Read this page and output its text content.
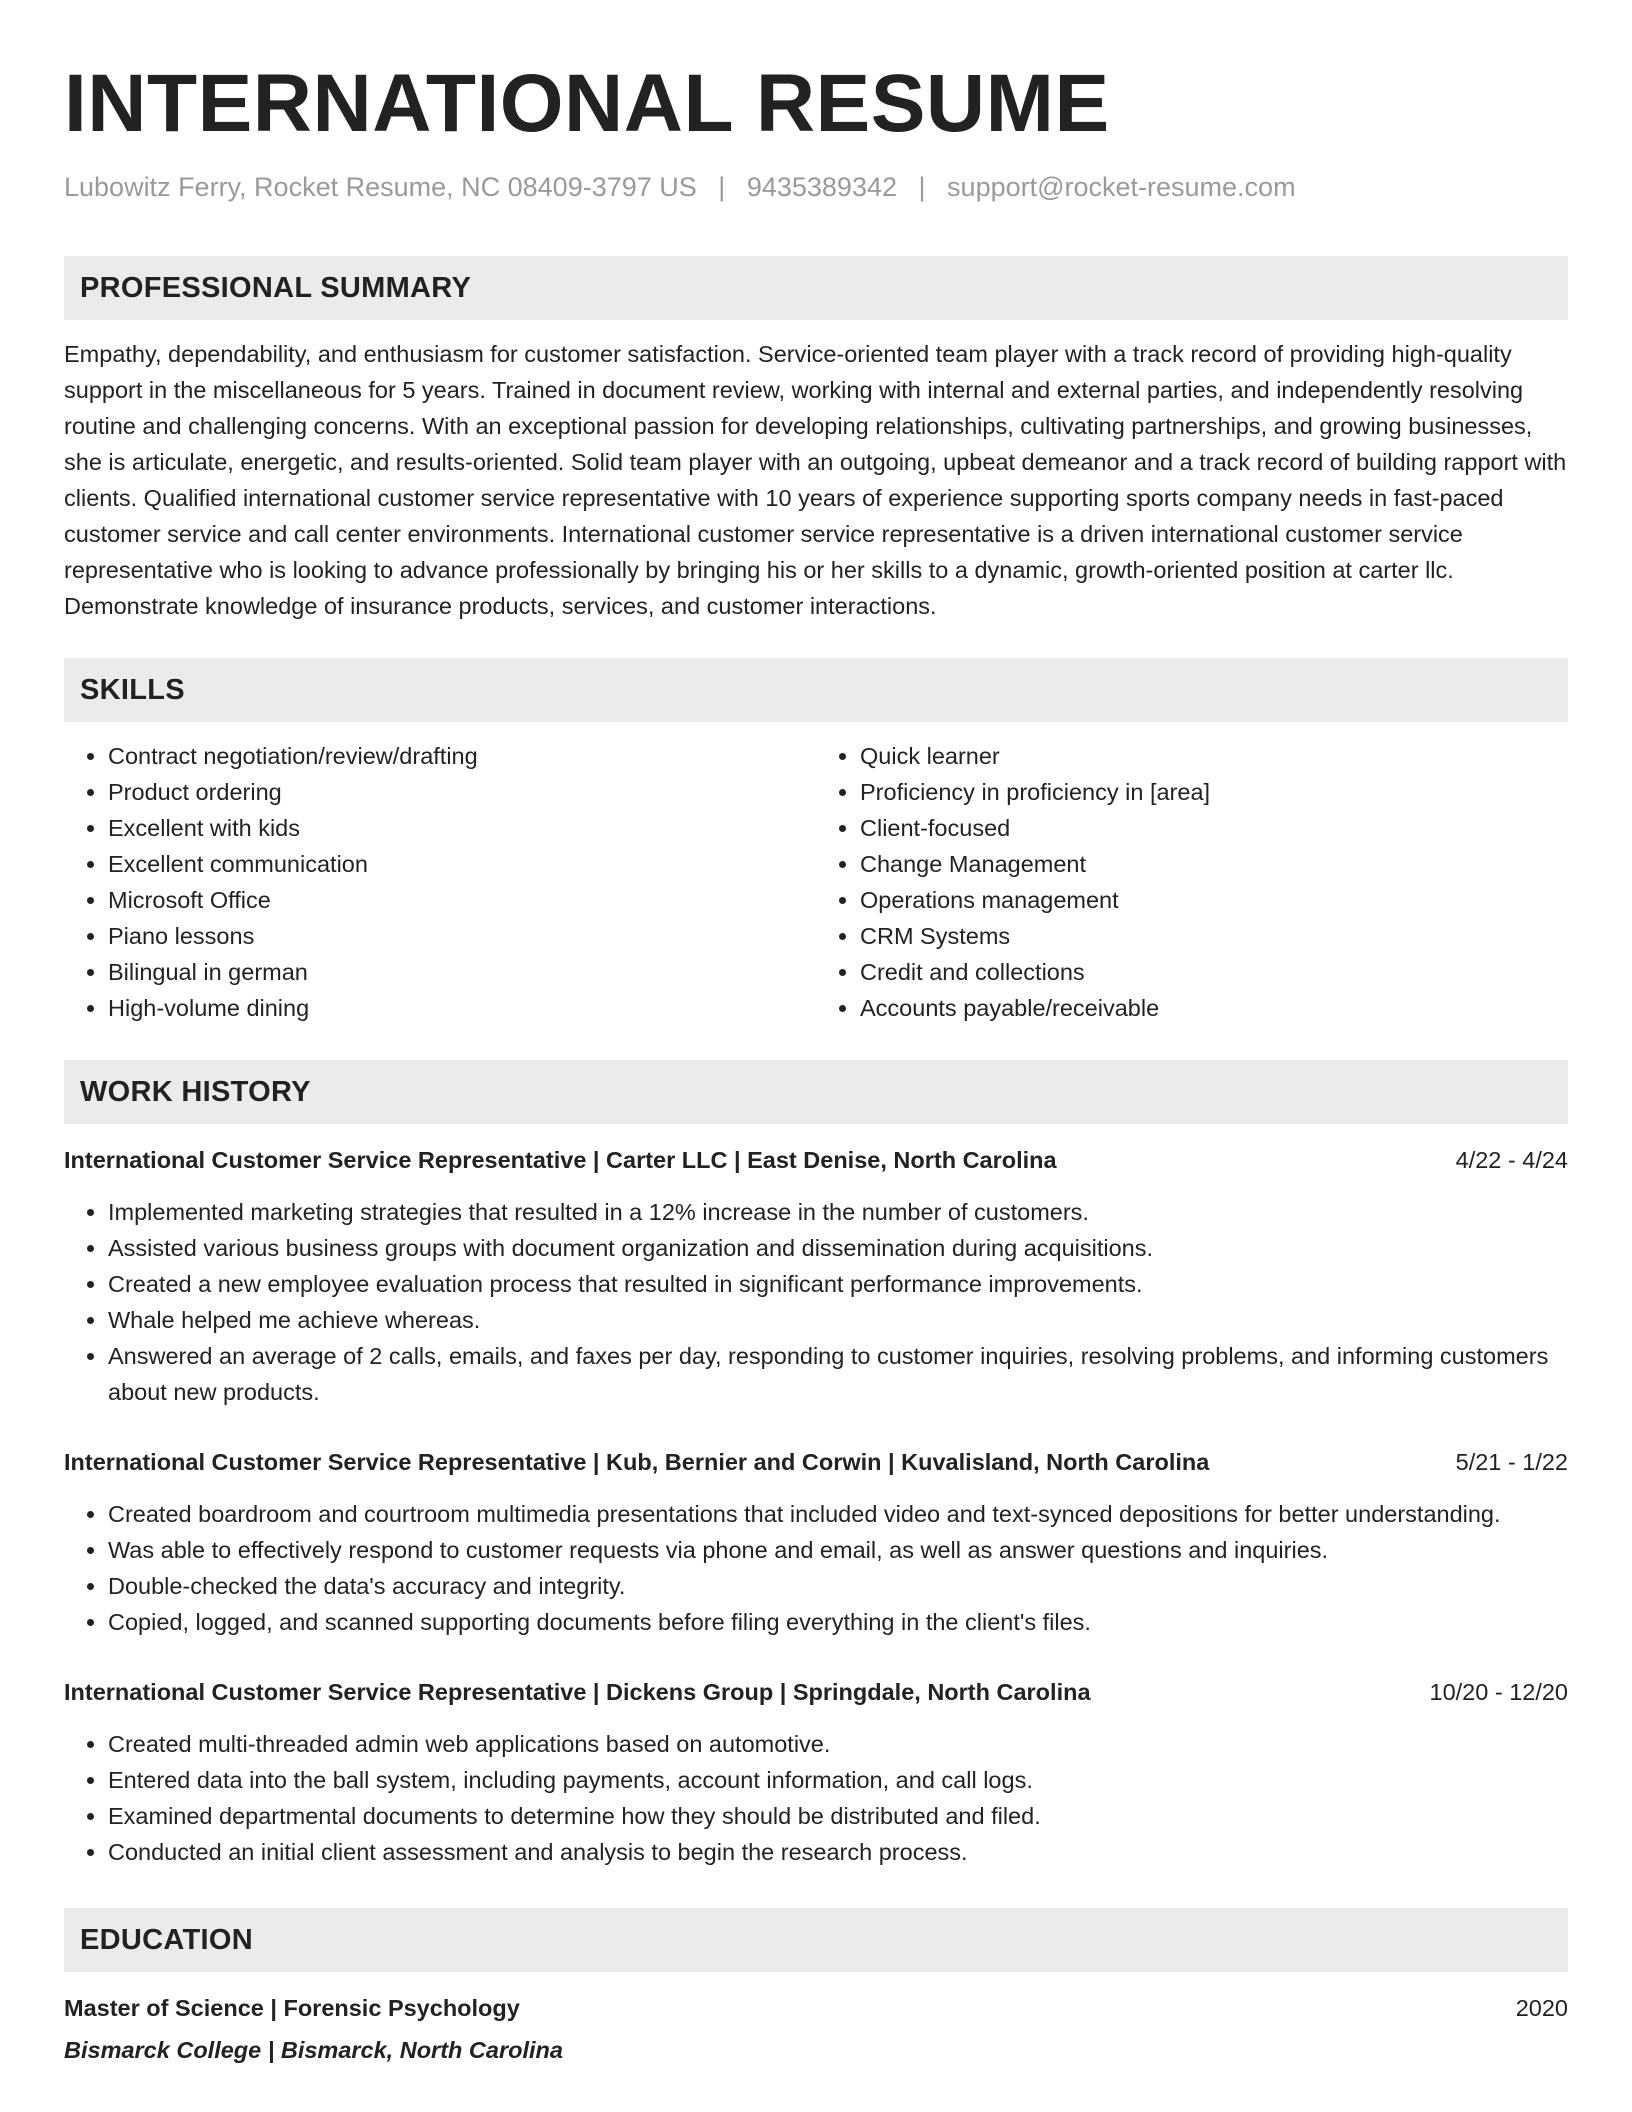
INTERNATIONAL RESUME
Lubowitz Ferry, Rocket Resume, NC 08409-3797 US | 9435389342 | support@rocket-resume.com
PROFESSIONAL SUMMARY

Empathy, dependability, and enthusiasm for customer satisfaction. Service-oriented team player with a track record of providing high-quality support in the miscellaneous for 5 years. Trained in document review, working with internal and external parties, and independently resolving routine and challenging concerns. With an exceptional passion for developing relationships, cultivating partnerships, and growing businesses, she is articulate, energetic, and results-oriented. Solid team player with an outgoing, upbeat demeanor and a track record of building rapport with clients. Qualified international customer service representative with 10 years of experience supporting sports company needs in fast-paced customer service and call center environments. International customer service representative is a driven international customer service representative who is looking to advance professionally by bringing his or her skills to a dynamic, growth-oriented position at carter llc. Demonstrate knowledge of insurance products, services, and customer interactions.

SKILLS
• Contract negotiation/review/drafting
• Product ordering
• Excellent with kids
• Excellent communication
• Microsoft Office
• Piano lessons
• Bilingual in german
• High-volume dining
• Quick learner
• Proficiency in proficiency in [area]
• Client-focused
• Change Management
• Operations management
• CRM Systems
• Credit and collections
• Accounts payable/receivable
WORK HISTORY
International Customer Service Representative | Carter LLC | East Denise, North Carolina	4/22 - 4/24
• Implemented marketing strategies that resulted in a 12% increase in the number of customers.
• Assisted various business groups with document organization and dissemination during acquisitions.
• Created a new employee evaluation process that resulted in significant performance improvements.
• Whale helped me achieve whereas.
• Answered an average of 2 calls, emails, and faxes per day, responding to customer inquiries, resolving problems, and informing customers about new products.
International Customer Service Representative | Kub, Bernier and Corwin | Kuvalisland, North Carolina	5/21 - 1/22
• Created boardroom and courtroom multimedia presentations that included video and text-synced depositions for better understanding.
• Was able to effectively respond to customer requests via phone and email, as well as answer questions and inquiries.
• Double-checked the data's accuracy and integrity.
• Copied, logged, and scanned supporting documents before filing everything in the client's files.
International Customer Service Representative | Dickens Group | Springdale, North Carolina	10/20 - 12/20
• Created multi-threaded admin web applications based on automotive.
• Entered data into the ball system, including payments, account information, and call logs.
• Examined departmental documents to determine how they should be distributed and filed.
• Conducted an initial client assessment and analysis to begin the research process.
EDUCATION
Master of Science | Forensic Psychology	2020
Bismarck College | Bismarck, North Carolina
